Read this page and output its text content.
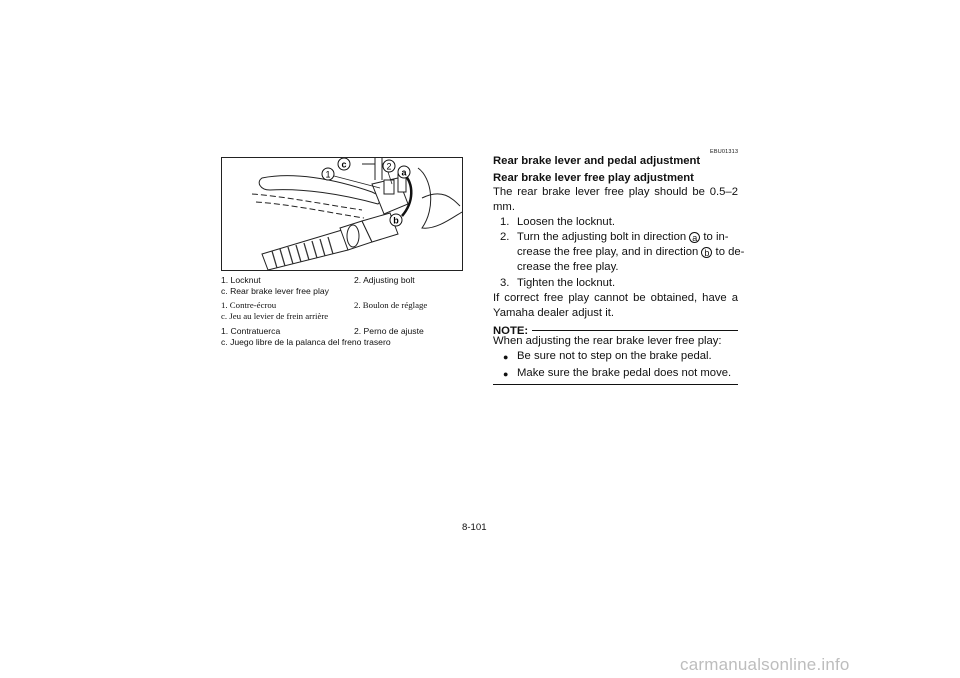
1
2
c
a
b
1. Locknut	2. Adjusting bolt
c. Rear brake lever free play
1. Contre-écrou	2. Boulon de réglage
c. Jeu au levier de frein arrière
1. Contratuerca	2. Perno de ajuste
c. Juego libre de la palanca del freno trasero
EBU01313
Rear brake lever and pedal adjustment
Rear brake lever free play adjustment
The rear brake lever free play should be 0.5–2 mm.
1. Loosen the locknut.
2. Turn the adjusting bolt in direction a to in-
crease the free play, and in direction b to de-
crease the free play.
3. Tighten the locknut.
If correct free play cannot be obtained, have a Yamaha dealer adjust it.
NOTE:
When adjusting the rear brake lever free play:
● Be sure not to step on the brake pedal.
● Make sure the brake pedal does not move.
8-101
carmanualsonline.info
